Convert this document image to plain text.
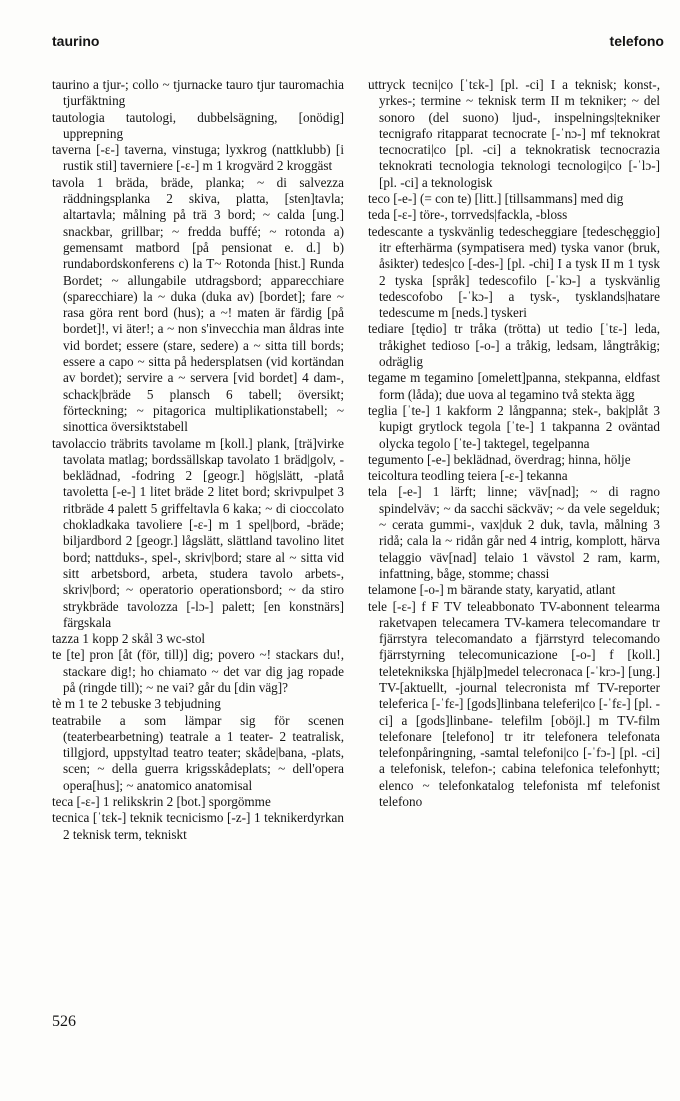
taurino	telefono

taurino a tjur-; collo ~ tjurnacke tauro tjur tauromachia tjurfäktning

tautologia tautologi, dubbelsägning, [onödig] upprepning

taverna [-ɛ-] taverna, vinstuga; lyxkrog (nattklubb) [i rustik stil] taverniere [-ɛ-] m 1 krogvärd 2 kroggäst

tavola 1 bräda, bräde, planka; ~ di salvezza räddningsplanka 2 skiva, platta, [sten]tavla; altartavla; målning på trä 3 bord; ~ calda [ung.] snackbar, grillbar; ~ fredda buffé; ~ rotonda a) gemensamt matbord [på pensionat e. d.] b) rundabordskonferens c) la T~ Rotonda [hist.] Runda Bordet; ~ allungabile utdragsbord; apparecchiare (sparecchiare) la ~ duka (duka av) [bordet]; fare ~ rasa göra rent bord (hus); a ~! maten är färdig [på bordet]!, vi äter!; a ~ non s'invecchia man åldras inte vid bordet; essere (stare, sedere) a ~ sitta till bords; essere a capo ~ sitta på hedersplatsen (vid kortändan av bordet); servire a ~ servera [vid bordet] 4 dam-, schack|bräde 5 plansch 6 tabell; översikt; förteckning; ~ pitagorica multiplikationstabell; ~ sinottica översiktstabell

tavolaccio träbrits tavolame m [koll.] plank, [trä]virke tavolata matlag; bordssällskap tavolato 1 bräd|golv, -beklädnad, -fodring 2 [geogr.] hög|slätt, -platå tavoletta [-e-] 1 litet bräde 2 litet bord; skrivpulpet 3 ritbräde 4 palett 5 griffeltavla 6 kaka; ~ di cioccolato chokladkaka tavoliere [-ɛ-] m 1 spel|bord, -bräde; biljardbord 2 [geogr.] lågslätt, slättland tavolino litet bord; nattduks-, spel-, skriv|bord; stare al ~ sitta vid sitt arbetsbord, arbeta, studera tavolo arbets-, skriv|bord; ~ operatorio operationsbord; ~ da stiro strykbräde tavolozza [-lɔ-] palett; [en konstnärs] färgskala

tazza 1 kopp 2 skål 3 wc-stol

te [te] pron [åt (för, till)] dig; povero ~! stackars du!, stackare dig!; ho chiamato ~ det var dig jag ropade på (ringde till); ~ ne vai? går du [din väg]?

tè m 1 te 2 tebuske 3 tebjudning

teatrabile a som lämpar sig för scenen (teaterbearbetning) teatrale a 1 teater- 2 teatralisk, tillgjord, uppstyltad teatro teater; skåde|bana, -plats, scen; ~ della guerra krigsskådeplats; ~ dell'opera opera[hus]; ~ anatomico anatomisal

teca [-ɛ-] 1 relikskrin 2 [bot.] sporgömme

tecnica [ˈtɛk-] teknik tecnicismo [-z-] 1 teknikerdyrkan 2 teknisk term, tekniskt

uttryck tecni|co [ˈtɛk-] [pl. -ci] I a teknisk; konst-, yrkes-; termine ~ teknisk term II m tekniker; ~ del sonoro (del suono) ljud-, inspelnings|tekniker tecnigrafo ritapparat tecnocrate [-ˈnɔ-] mf teknokrat tecnocrati|co [pl. -ci] a teknokratisk tecnocrazia teknokrati tecnologia teknologi tecnologi|co [-ˈlɔ-] [pl. -ci] a teknologisk

teco [-e-] (= con te) [litt.] [tillsammans] med dig

teda [-ɛ-] töre-, torrveds|fackla, -bloss

tedescante a tyskvänlig tedescheggiare [tedeschęggio] itr efterhärma (sympatisera med) tyska vanor (bruk, åsikter) tedes|co [-des-] [pl. -chi] I a tysk II m 1 tysk 2 tyska [språk] tedescofilo [-ˈkɔ-] a tyskvänlig tedescofobo [-ˈkɔ-] a tysk-, tysklands|hatare tedescume m [neds.] tyskeri

tediare [tędio] tr tråka (trötta) ut tedio [ˈtɛ-] leda, tråkighet tedioso [-o-] a tråkig, ledsam, långtråkig; odräglig

tegame m tegamino [omelett]panna, stekpanna, eldfast form (låda); due uova al tegamino två stekta ägg

teglia [ˈte-] 1 kakform 2 långpanna; stek-, bak|plåt 3 kupigt grytlock tegola [ˈte-] 1 takpanna 2 oväntad olycka tegolo [ˈte-] taktegel, tegelpanna

tegumento [-e-] beklädnad, överdrag; hinna, hölje

teicoltura teodling teiera [-ɛ-] tekanna

tela [-e-] 1 lärft; linne; väv[nad]; ~ di ragno spindelväv; ~ da sacchi säckväv; ~ da vele segelduk; ~ cerata gummi-, vax|duk 2 duk, tavla, målning 3 ridå; cala la ~ ridån går ned 4 intrig, komplott, härva telaggio väv[nad] telaio 1 vävstol 2 ram, karm, infattning, båge, stomme; chassi

telamone [-o-] m bärande staty, karyatid, atlant

tele [-ɛ-] f F TV teleabbonato TV-abonnent telearma raketvapen telecamera TV-kamera telecomandare tr fjärrstyra telecomandato a fjärrstyrd telecomando fjärrstyrning telecomunicazione [-o-] f [koll.] teleteknikska [hjälp]medel telecronaca [-ˈkrɔ-] [ung.] TV-[aktuellt, -journal telecronista mf TV-reporter teleferica [-ˈfɛ-] [gods]linbana teleferi|co [-ˈfɛ-] [pl. -ci] a [gods]linbane- telefilm [oböjl.] m TV-film telefonare [telefono] tr itr telefonera telefonata telefonpåringning, -samtal telefoni|co [-ˈfɔ-] [pl. -ci] a telefonisk, telefon-; cabina telefonica telefonhytt; elenco ~ telefonkatalog telefonista mf telefonist telefono

526
